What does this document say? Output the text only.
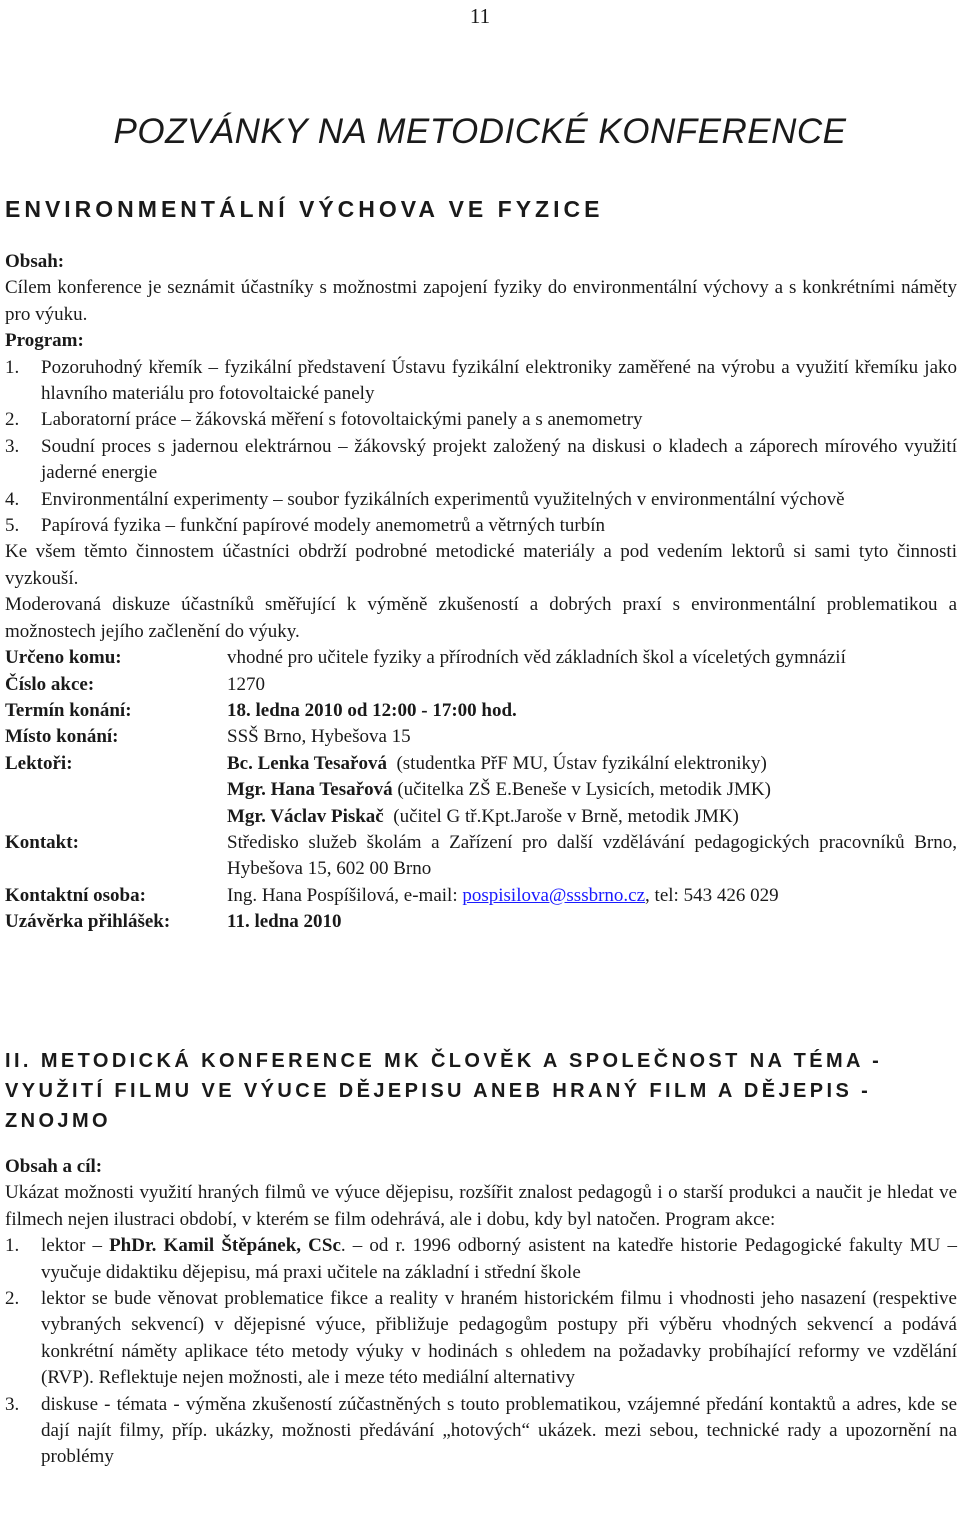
11
POZVÁNKY NA METODICKÉ KONFERENCE
ENVIRONMENTÁLNÍ VÝCHOVA VE FYZICE
Obsah:
Cílem konference je seznámit účastníky s možnostmi zapojení fyziky do environmentální výchovy a s konkrétními náměty pro výuku.
Program:
1.	Pozoruhodný křemík – fyzikální představení Ústavu fyzikální elektroniky zaměřené na výrobu a využití křemíku jako hlavního materiálu pro fotovoltaické panely
2.	Laboratorní práce – žákovská měření s fotovoltaickými panely a s anemometry
3.	Soudní proces s jadernou elektrárnou – žákovský projekt založený na diskusi o kladech a záporech mírového využití jaderné energie
4.	Environmentální experimenty – soubor fyzikálních experimentů využitelných v environmentální výchově
5.	Papírová fyzika – funkční papírové modely anemometrů a větrných turbín
Ke všem těmto činnostem účastníci obdrží podrobné metodické materiály a pod vedením lektorů si sami tyto činnosti vyzkouší.
Moderovaná diskuze účastníků směřující k výměně zkušeností a dobrých praxí s environmentální problematikou a možnostech jejího začlenění do výuky.
Určeno komu:	vhodné pro učitele fyziky a přírodních věd základních škol a víceletých gymnázií
Číslo akce:	1270
Termín konání:	18. ledna 2010 od 12:00 - 17:00 hod.
Místo konání:	SSŠ Brno, Hybešova 15
Lektoři:	Bc. Lenka Tesařová (studentka PřF MU, Ústav fyzikální elektroniky)
Mgr. Hana Tesařová (učitelka ZŠ E.Beneše v Lysicích, metodik JMK)
Mgr. Václav Piskač (učitel G tř.Kpt.Jaroše v Brně, metodik JMK)
Kontakt:	Středisko služeb školám a Zařízení pro další vzdělávání pedagogických pracovníků Brno, Hybešova 15, 602 00 Brno
Kontaktní osoba:	Ing. Hana Pospíšilová, e-mail: pospisilova@sssbrno.cz, tel: 543 426 029
Uzávěrka přihlášek:	11. ledna 2010
II. METODICKÁ KONFERENCE MK ČLOVĚK A SPOLEČNOST NA TÉMA - VYUŽITÍ FILMU VE VÝUCE DĚJEPISU ANEB HRANÝ FILM A DĚJEPIS - ZNOJMO
Obsah a cíl:
Ukázat možnosti využití hraných filmů ve výuce dějepisu, rozšířit znalost pedagogů i o starší produkci a naučit je hledat ve filmech nejen ilustraci období, v kterém se film odehrává, ale i dobu, kdy byl natočen. Program akce:
1.	lektor – PhDr. Kamil Štěpánek, CSc. – od r. 1996 odborný asistent na katedře historie Pedagogické fakulty MU – vyučuje didaktiku dějepisu, má praxi učitele na základní i střední škole
2.	lektor se bude věnovat problematice fikce a reality v hraném historickém filmu i vhodnosti jeho nasazení (respektive vybraných sekvencí) v dějepisné výuce, přibližuje pedagogům postupy při výběru vhodných sekvencí a podává konkrétní náměty aplikace této metody výuky v hodinách s ohledem na požadavky probíhající reformy ve vzdělání (RVP). Reflektuje nejen možnosti, ale i meze této mediální alternativy
3.	diskuse - témata - výměna zkušeností zúčastněných s touto problematikou, vzájemné předání kontaktů a adres, kde se dají najít filmy, příp. ukázky, možnosti předávání „hotových“ ukázek. mezi sebou, technické rady a upozornění na problémy
